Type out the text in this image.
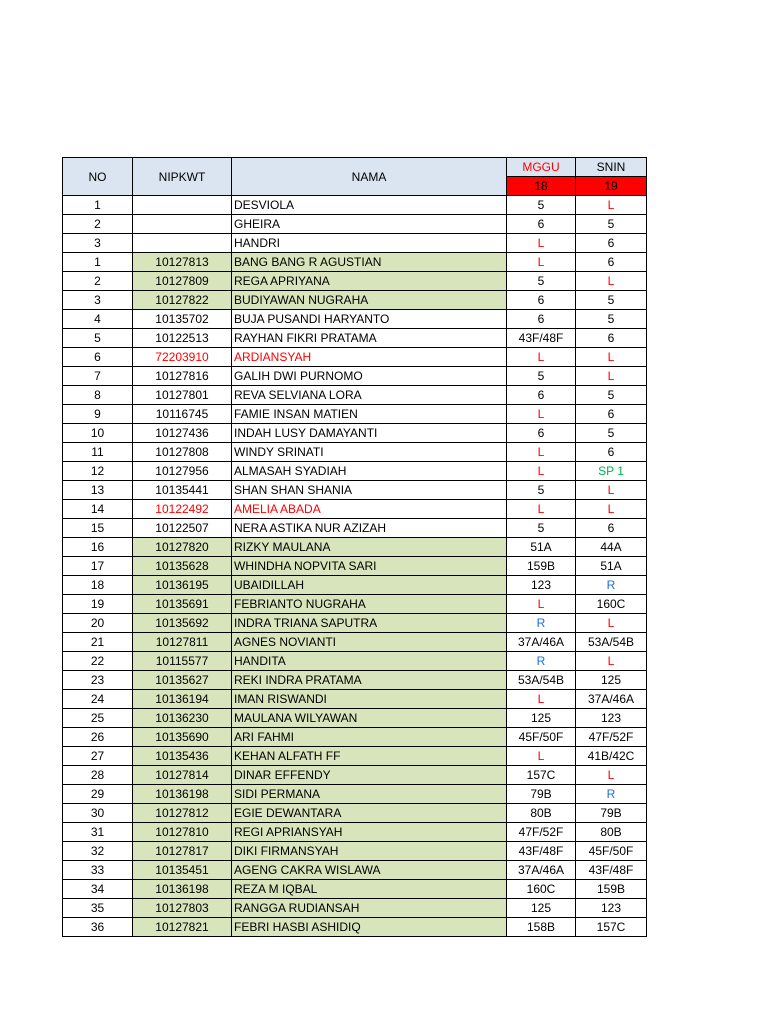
NO	NIPKWT	NAMA	MGGU	SNIN
			18	19
1		DESVIOLA	5	L
2		GHEIRA	6	5
3		HANDRI	L	6
1	10127813	BANG BANG R AGUSTIAN	L	6
2	10127809	REGA APRIYANA	5	L
3	10127822	BUDIYAWAN NUGRAHA	6	5
4	10135702	BUJA PUSANDI HARYANTO	6	5
5	10122513	RAYHAN FIKRI PRATAMA	43F/48F	6
6	72203910	ARDIANSYAH	L	L
7	10127816	GALIH DWI PURNOMO	5	L
8	10127801	REVA SELVIANA LORA	6	5
9	10116745	FAMIE INSAN MATIEN	L	6
10	10127436	INDAH LUSY DAMAYANTI	6	5
11	10127808	WINDY SRINATI	L	6
12	10127956	ALMASAH SYADIAH	L	SP 1
13	10135441	SHAN SHAN SHANIA	5	L
14	10122492	AMELIA ABADA	L	L
15	10122507	NERA ASTIKA NUR AZIZAH	5	6
16	10127820	RIZKY MAULANA	51A	44A
17	10135628	WHINDHA NOPVITA SARI	159B	51A
18	10136195	UBAIDILLAH	123	R
19	10135691	FEBRIANTO NUGRAHA	L	160C
20	10135692	INDRA TRIANA SAPUTRA	R	L
21	10127811	AGNES NOVIANTI	37A/46A	53A/54B
22	10115577	HANDITA	R	L
23	10135627	REKI INDRA PRATAMA	53A/54B	125
24	10136194	IMAN RISWANDI	L	37A/46A
25	10136230	MAULANA WILYAWAN	125	123
26	10135690	ARI FAHMI	45F/50F	47F/52F
27	10135436	KEHAN ALFATH FF	L	41B/42C
28	10127814	DINAR EFFENDY	157C	L
29	10136198	SIDI PERMANA	79B	R
30	10127812	EGIE DEWANTARA	80B	79B
31	10127810	REGI APRIANSYAH	47F/52F	80B
32	10127817	DIKI FIRMANSYAH	43F/48F	45F/50F
33	10135451	AGENG CAKRA WISLAWA	37A/46A	43F/48F
34	10136198	REZA M IQBAL	160C	159B
35	10127803	RANGGA RUDIANSAH	125	123
36	10127821	FEBRI HASBI ASHIDIQ	158B	157C
